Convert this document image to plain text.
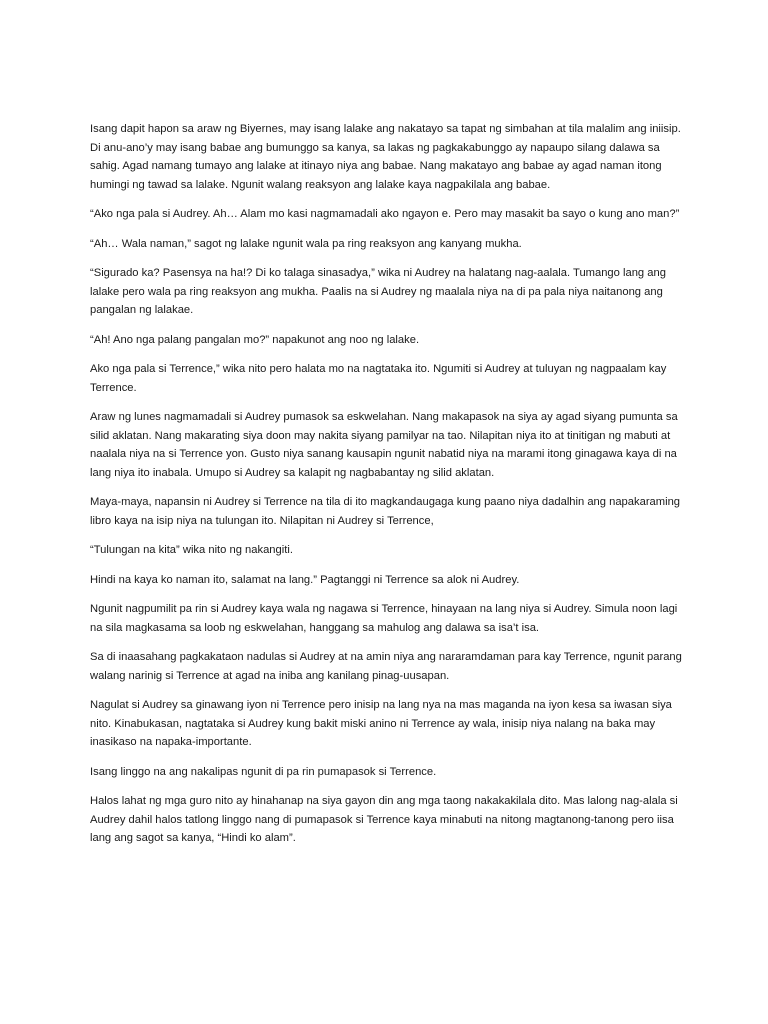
Isang dapit hapon sa araw ng Biyernes, may isang lalake ang nakatayo sa tapat ng simbahan at tila malalim ang iniisip. Di anu-ano’y may isang babae ang bumunggo sa kanya, sa lakas ng pagkakabunggo ay napaupo silang dalawa sa sahig. Agad namang tumayo ang lalake at itinayo niya ang babae. Nang makatayo ang babae ay agad naman itong humingi ng tawad sa lalake. Ngunit walang reaksyon ang lalake kaya nagpakilala ang babae.

“Ako nga pala si Audrey. Ah… Alam mo kasi nagmamadali ako ngayon e. Pero may masakit ba sayo o kung ano man?”

“Ah… Wala naman,” sagot ng lalake ngunit wala pa ring reaksyon ang kanyang mukha.

“Sigurado ka? Pasensya na ha!? Di ko talaga sinasadya,” wika ni Audrey na halatang nag-aalala. Tumango lang ang lalake pero wala pa ring reaksyon ang mukha. Paalis na si Audrey ng maalala niya na di pa pala niya naitanong ang pangalan ng lalakae.

“Ah! Ano nga palang pangalan mo?” napakunot ang noo ng lalake.

Ako nga pala si Terrence,” wika nito pero halata mo na nagtataka ito. Ngumiti si Audrey at tuluyan ng nagpaalam kay Terrence.

Araw ng lunes nagmamadali si Audrey pumasok sa eskwelahan. Nang makapasok na siya ay agad siyang pumunta sa silid aklatan. Nang makarating siya doon may nakita siyang pamilyar na tao. Nilapitan niya ito at tinitigan ng mabuti at naalala niya na si Terrence yon. Gusto niya sanang kausapin ngunit nabatid niya na marami itong ginagawa kaya di na lang niya ito inabala. Umupo si Audrey sa kalapit ng nagbabantay ng silid aklatan.

Maya-maya, napansin ni Audrey si Terrence na tila di ito magkandaugaga kung paano niya dadalhin ang napakaraming libro kaya na isip niya na tulungan ito. Nilapitan ni Audrey si Terrence,

“Tulungan na kita” wika nito ng nakangiti.

Hindi na kaya ko naman ito, salamat na lang.” Pagtanggi ni Terrence sa alok ni Audrey.

Ngunit nagpumilit pa rin si Audrey kaya wala ng nagawa si Terrence, hinayaan na lang niya si Audrey. Simula noon lagi na sila magkasama sa loob ng eskwelahan, hanggang sa mahulog ang dalawa sa isa’t isa.

Sa di inaasahang pagkakataon nadulas si Audrey at na amin niya ang nararamdaman para kay Terrence, ngunit parang walang narinig si Terrence at agad na iniba ang kanilang pinag-uusapan.

Nagulat si Audrey sa ginawang iyon ni Terrence pero inisip na lang nya na mas maganda na iyon kesa sa iwasan siya nito. Kinabukasan, nagtataka si Audrey kung bakit miski anino ni Terrence ay wala, inisip niya nalang na baka may inasikaso na napaka-importante.

Isang linggo na ang nakalipas ngunit di pa rin pumapasok si Terrence.

Halos lahat ng mga guro nito ay hinahanap na siya gayon din ang mga taong nakakakilala dito. Mas lalong nag-alala si Audrey dahil halos tatlong linggo nang di pumapasok si Terrence kaya minabuti na nitong magtanong-tanong pero iisa lang ang sagot sa kanya, “Hindi ko alam”.
